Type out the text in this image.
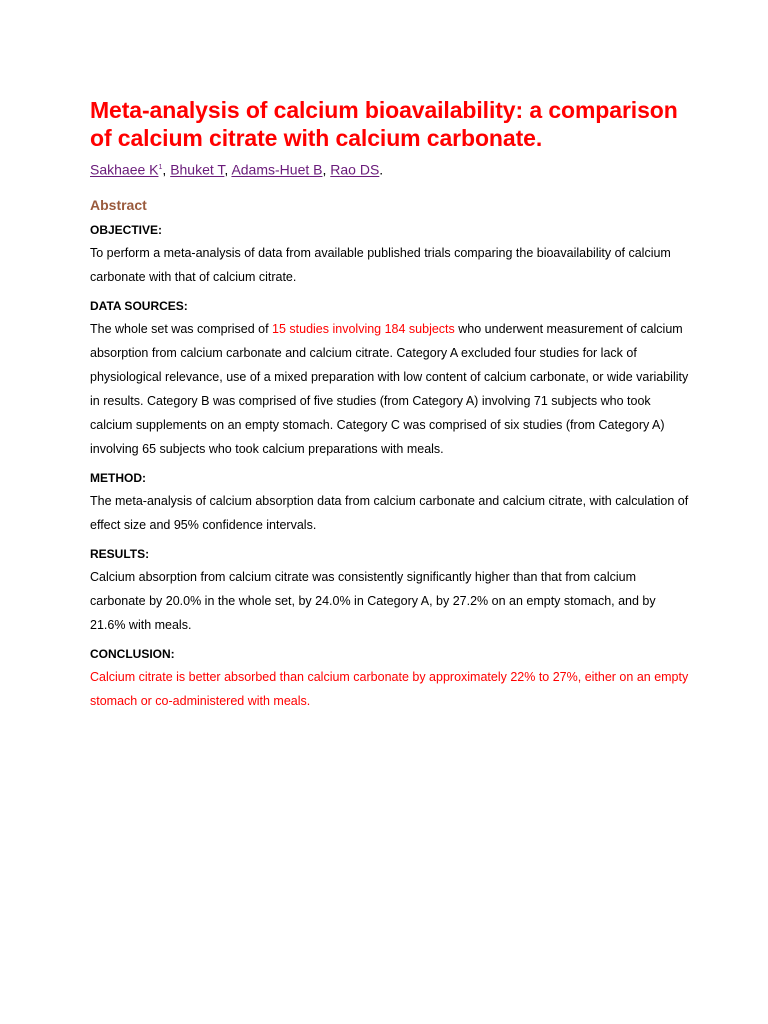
Meta-analysis of calcium bioavailability: a comparison of calcium citrate with calcium carbonate.
Sakhaee $K^1$, Bhuket T, Adams-Huet B, Rao DS.
Abstract
OBJECTIVE:
To perform a meta-analysis of data from available published trials comparing the bioavailability of calcium carbonate with that of calcium citrate.
DATA SOURCES:
The whole set was comprised of 15 studies involving 184 subjects who underwent measurement of calcium absorption from calcium carbonate and calcium citrate. Category A excluded four studies for lack of physiological relevance, use of a mixed preparation with low content of calcium carbonate, or wide variability in results. Category B was comprised of five studies (from Category A) involving 71 subjects who took calcium supplements on an empty stomach. Category C was comprised of six studies (from Category A) involving 65 subjects who took calcium preparations with meals.
METHOD:
The meta-analysis of calcium absorption data from calcium carbonate and calcium citrate, with calculation of effect size and 95% confidence intervals.
RESULTS:
Calcium absorption from calcium citrate was consistently significantly higher than that from calcium carbonate by 20.0% in the whole set, by 24.0% in Category A, by 27.2% on an empty stomach, and by 21.6% with meals.
CONCLUSION:
Calcium citrate is better absorbed than calcium carbonate by approximately 22% to 27%, either on an empty stomach or co-administered with meals.
